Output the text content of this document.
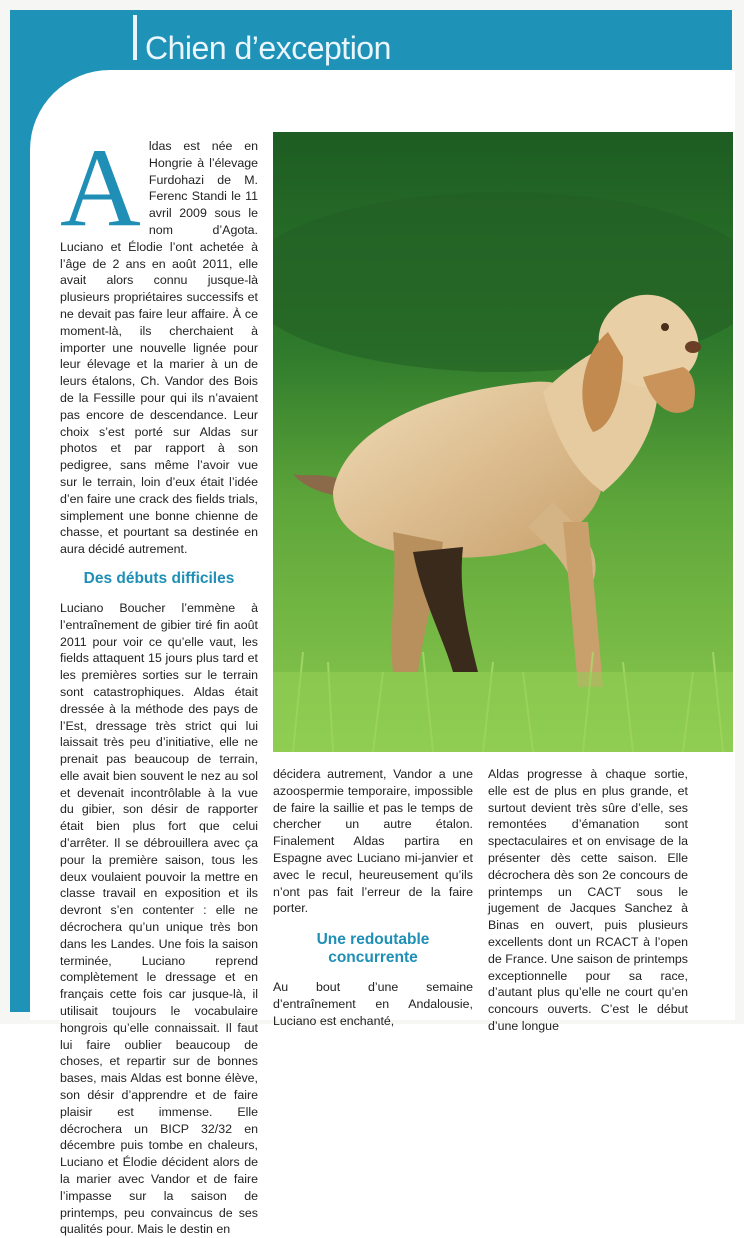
Chien d’exception
A ldas est née en Hongrie à l’élevage Furdohazi de M. Ferenc Standi le 11 avril 2009 sous le nom d’Agota. Luciano et Élodie l’ont achetée à l’âge de 2 ans en août 2011, elle avait alors connu jusque-là plusieurs propriétaires successifs et ne devait pas faire leur affaire. À ce moment-là, ils cherchaient à importer une nouvelle lignée pour leur élevage et la marier à un de leurs étalons, Ch. Vandor des Bois de la Fessille pour qui ils n’avaient pas encore de descendance. Leur choix s’est porté sur Aldas sur photos et par rapport à son pedigree, sans même l’avoir vue sur le terrain, loin d’eux était l’idée d’en faire une crack des fields trials, simplement une bonne chienne de chasse, et pourtant sa destinée en aura décidé autrement.

Des débuts difficiles

Luciano Boucher l’emmène à l’entraînement de gibier tiré fin août 2011 pour voir ce qu’elle vaut, les fields attaquent 15 jours plus tard et les premières sorties sur le terrain sont catastrophiques. Aldas était dressée à la méthode des pays de l’Est, dressage très strict qui lui laissait très peu d’initiative, elle ne prenait pas beaucoup de terrain, elle avait bien souvent le nez au sol et devenait incontrôlable à la vue du gibier, son désir de rapporter était bien plus fort que celui d’arrêter. Il se débrouillera avec ça pour la première saison, tous les deux voulaient pouvoir la mettre en classe travail en exposition et ils devront s’en contenter : elle ne décrochera qu’un unique très bon dans les Landes. Une fois la saison terminée, Luciano reprend complètement le dressage et en français cette fois car jusque-là, il utilisait toujours le vocabulaire hongrois qu’elle connaissait. Il faut lui faire oublier beaucoup de choses, et repartir sur de bonnes bases, mais Aldas est bonne élève, son désir d’apprendre et de faire plaisir est immense. Elle décrochera un BICP 32/32 en décembre puis tombe en chaleurs, Luciano et Élodie décident alors de la marier avec Vandor et de faire l’impasse sur la saison de printemps, peu convaincus de ses qualités pour. Mais le destin en

décidera autrement, Vandor a une azoospermie temporaire, impossible de faire la saillie et pas le temps de chercher un autre étalon. Finalement Aldas partira en Espagne avec Luciano mi-janvier et avec le recul, heureusement qu’ils n’ont pas fait l’erreur de la faire porter.

Une redoutable concurrente

Au bout d’une semaine d’entraînement en Andalousie, Luciano est enchanté,

Aldas progresse à chaque sortie, elle est de plus en plus grande, et surtout devient très sûre d’elle, ses remontées d’émanation sont spectaculaires et on envisage de la présenter dès cette saison. Elle décrochera dès son 2e concours de printemps un CACT sous le jugement de Jacques Sanchez à Binas en ouvert, puis plusieurs excellents dont un RCACT à l’open de France. Une saison de printemps exceptionnelle pour sa race, d’autant plus qu’elle ne court qu’en concours ouverts. C’est le début d’une longue

42
